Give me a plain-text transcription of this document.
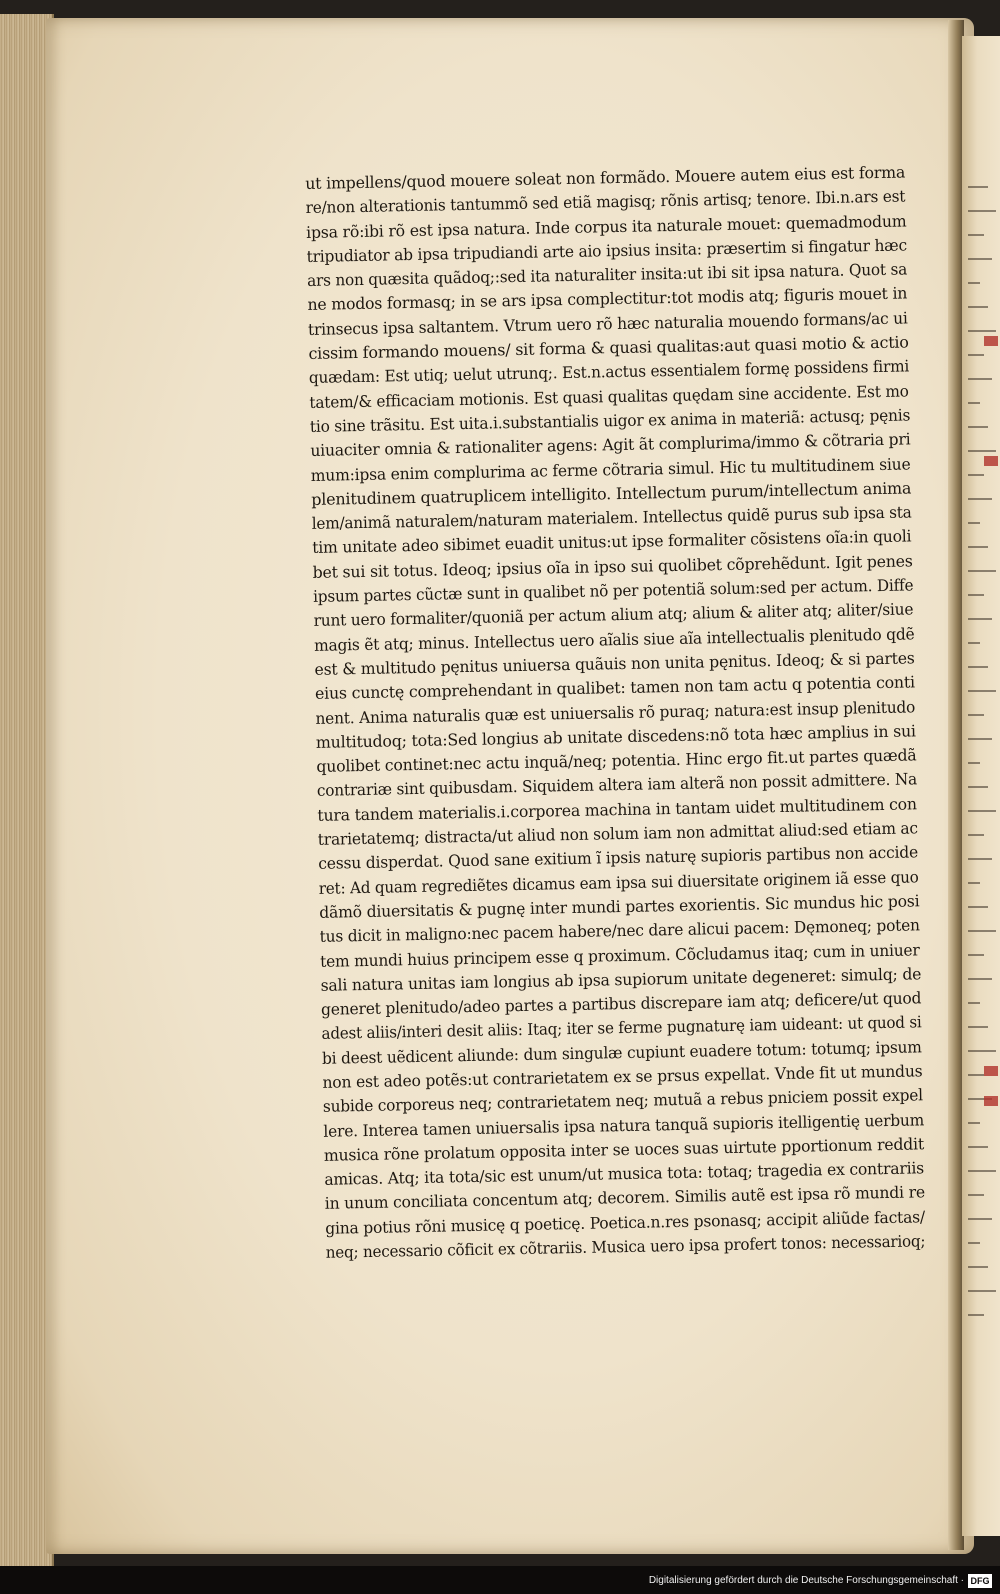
ut impellens/quod mouere soleat non formãdo. Mouere autem eius est forma
re/non alterationis tantummõ sed etiã magisq; rõnis artisq; tenore. Ibi.n.ars est
ipsa rõ:ibi rõ est ipsa natura. Inde corpus ita naturale mouet: quemadmodum
tripudiator ab ipsa tripudiandi arte aio ipsius insita: præsertim si fingatur hæc
ars non quæsita quãdoq;:sed ita naturaliter insita:ut ibi sit ipsa natura. Quot sa
ne modos formasq; in se ars ipsa complectitur:tot modis atq; figuris mouet in
trinsecus ipsa saltantem. Vtrum uero rõ hæc naturalia mouendo formans/ac ui
cissim formando mouens/ sit forma & quasi qualitas:aut quasi motio & actio
quædam: Est utiq; uelut utrunq;. Est.n.actus essentialem formę possidens firmi
tatem/& efficaciam motionis. Est quasi qualitas quędam sine accidente. Est mo
tio sine trãsitu. Est uita.i.substantialis uigor ex anima in materiã: actusq; pęnis
uiuaciter omnia & rationaliter agens: Agit ãt complurima/immo & cõtraria pri
mum:ipsa enim complurima ac ferme cõtraria simul. Hic tu multitudinem siue
plenitudinem quatruplicem intelligito. Intellectum purum/intellectum anima
lem/animã naturalem/naturam materialem. Intellectus quidẽ purus sub ipsa sta
tim unitate adeo sibimet euadit unitus:ut ipse formaliter cõsistens oĩa:in quoli
bet sui sit totus. Ideoq; ipsius oĩa in ipso sui quolibet cõprehẽdunt. Igit penes
ipsum partes cũctæ sunt in qualibet nõ per potentiã solum:sed per actum. Diffe
runt uero formaliter/quoniã per actum alium atq; alium & aliter atq; aliter/siue
magis ẽt atq; minus. Intellectus uero aĩalis siue aĩa intellectualis plenitudo qdẽ
est & multitudo pęnitus uniuersa quãuis non unita pęnitus. Ideoq; & si partes
eius cunctę comprehendant in qualibet: tamen non tam actu q potentia conti
nent. Anima naturalis quæ est uniuersalis rõ puraq; natura:est insup plenitudo
multitudoq; tota:Sed longius ab unitate discedens:nõ tota hæc amplius in sui
quolibet continet:nec actu inquã/neq; potentia. Hinc ergo fit.ut partes quædã
contrariæ sint quibusdam. Siquidem altera iam alterã non possit admittere. Na
tura tandem materialis.i.corporea machina in tantam uidet multitudinem con
trarietatemq; distracta/ut aliud non solum iam non admittat aliud:sed etiam ac
cessu disperdat. Quod sane exitium ĩ ipsis naturę supioris partibus non accide
ret: Ad quam regrediẽtes dicamus eam ipsa sui diuersitate originem iã esse quo
dãmõ diuersitatis & pugnę inter mundi partes exorientis. Sic mundus hic posi
tus dicit in maligno:nec pacem habere/nec dare alicui pacem: Dęmoneq; poten
tem mundi huius principem esse q proximum. Cõcludamus itaq; cum in uniuer
sali natura unitas iam longius ab ipsa supiorum unitate degeneret: simulq; de
generet plenitudo/adeo partes a partibus discrepare iam atq; deficere/ut quod
adest aliis/interi desit aliis: Itaq; iter se ferme pugnaturę iam uideant: ut quod si
bi deest uẽdicent aliunde: dum singulæ cupiunt euadere totum: totumq; ipsum
non est adeo potẽs:ut contrarietatem ex se prsus expellat. Vnde fit ut mundus
subide corporeus neq; contrarietatem neq; mutuã a rebus pniciem possit expel
lere. Interea tamen uniuersalis ipsa natura tanquã supioris itelligentię uerbum
musica rõne prolatum opposita inter se uoces suas uirtute pportionum reddit
amicas. Atq; ita tota/sic est unum/ut musica tota: totaq; tragedia ex contrariis
in unum conciliata concentum atq; decorem. Similis autẽ est ipsa rõ mundi re
gina potius rõni musicę q poeticę. Poetica.n.res psonasq; accipit aliũde factas/
neq; necessario cõficit ex cõtrariis. Musica uero ipsa profert tonos: necessarioq;
Digitalisierung gefördert durch die Deutsche Forschungsgemeinschaft · DFG
